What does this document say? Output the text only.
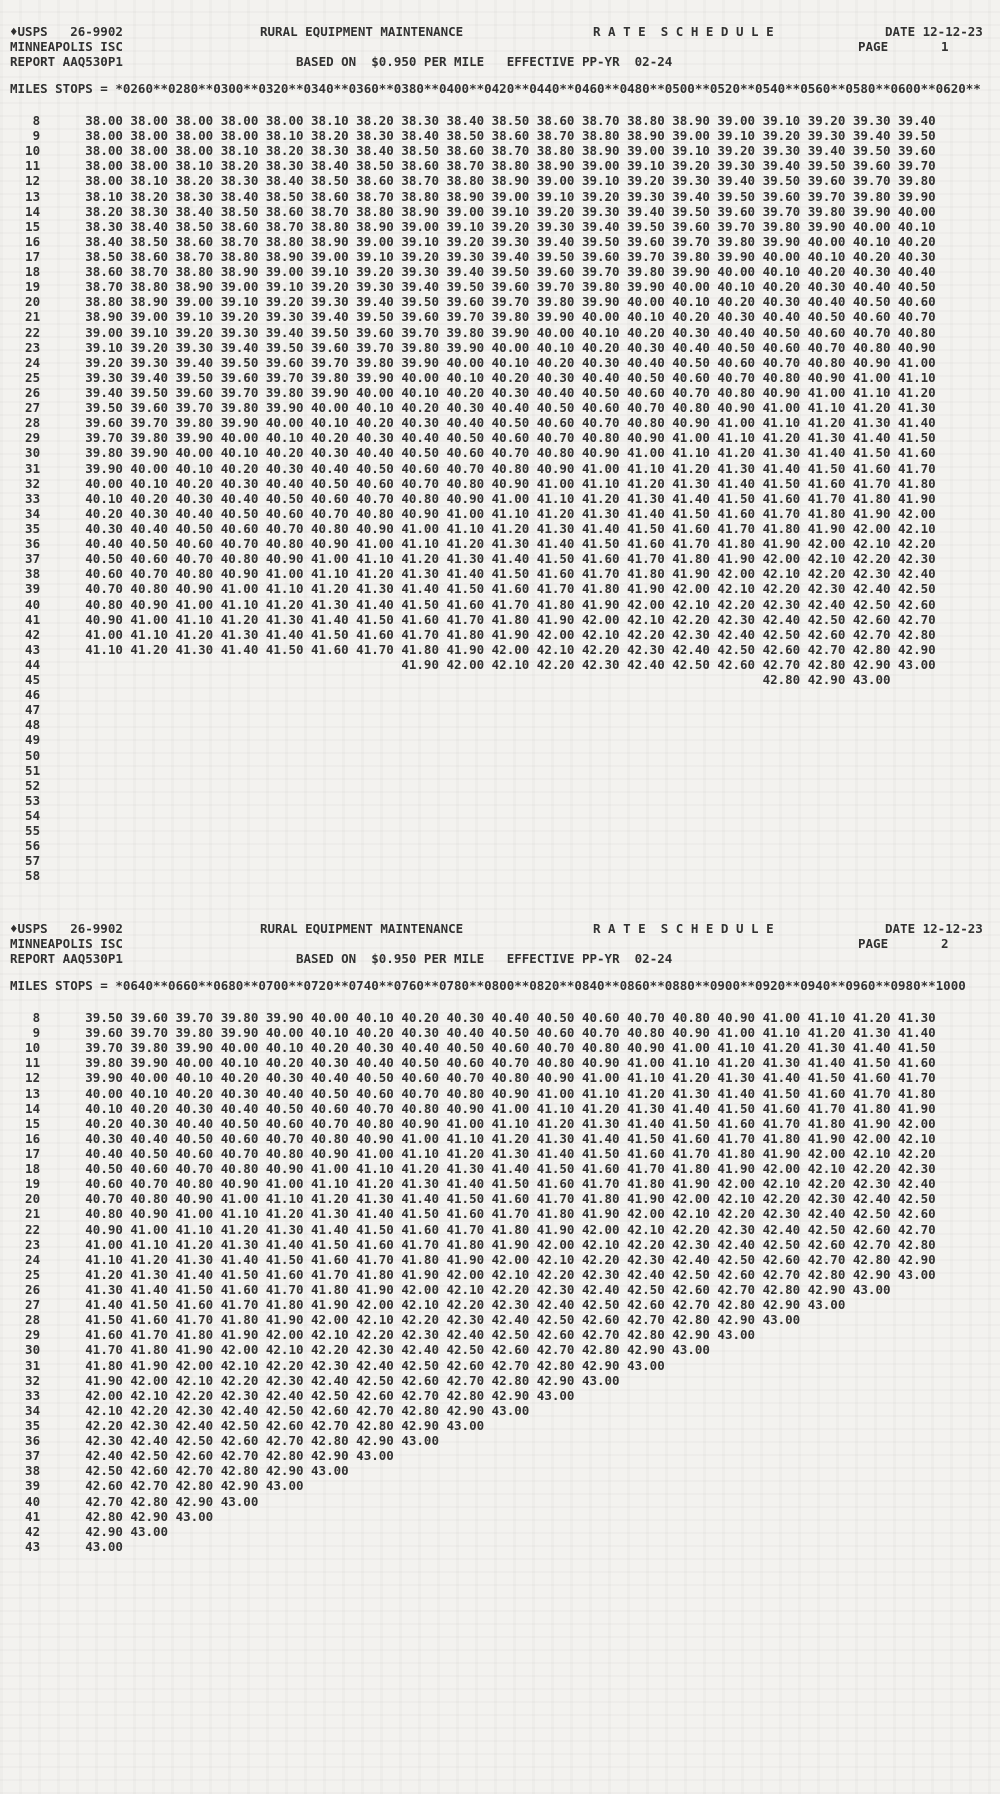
♦USPS   26-9902
MINNEAPOLIS ISC
REPORT AAQ530P1
RURAL EQUIPMENT MAINTENANCE
BASED ON  $0.950 PER MILE   EFFECTIVE PP-YR  02-24
R A T E  S C H E D U L E	DATE 12-12-23
PAGE	1
MILES STOPS = *0260**0280**0300**0320**0340**0360**0380**0400**0420**0440**0460**0480**0500**0520**0540**0560**0580**0600**0620**
8      38.00 38.00 38.00 38.00 38.00 38.10 38.20 38.30 38.40 38.50 38.60 38.70 38.80 38.90 39.00 39.10 39.20 39.30 39.40
9      38.00 38.00 38.00 38.00 38.10 38.20 38.30 38.40 38.50 38.60 38.70 38.80 38.90 39.00 39.10 39.20 39.30 39.40 39.50
10      38.00 38.00 38.00 38.10 38.20 38.30 38.40 38.50 38.60 38.70 38.80 38.90 39.00 39.10 39.20 39.30 39.40 39.50 39.60
11      38.00 38.00 38.10 38.20 38.30 38.40 38.50 38.60 38.70 38.80 38.90 39.00 39.10 39.20 39.30 39.40 39.50 39.60 39.70
12      38.00 38.10 38.20 38.30 38.40 38.50 38.60 38.70 38.80 38.90 39.00 39.10 39.20 39.30 39.40 39.50 39.60 39.70 39.80
13      38.10 38.20 38.30 38.40 38.50 38.60 38.70 38.80 38.90 39.00 39.10 39.20 39.30 39.40 39.50 39.60 39.70 39.80 39.90
14      38.20 38.30 38.40 38.50 38.60 38.70 38.80 38.90 39.00 39.10 39.20 39.30 39.40 39.50 39.60 39.70 39.80 39.90 40.00
15      38.30 38.40 38.50 38.60 38.70 38.80 38.90 39.00 39.10 39.20 39.30 39.40 39.50 39.60 39.70 39.80 39.90 40.00 40.10
16      38.40 38.50 38.60 38.70 38.80 38.90 39.00 39.10 39.20 39.30 39.40 39.50 39.60 39.70 39.80 39.90 40.00 40.10 40.20
17      38.50 38.60 38.70 38.80 38.90 39.00 39.10 39.20 39.30 39.40 39.50 39.60 39.70 39.80 39.90 40.00 40.10 40.20 40.30
18      38.60 38.70 38.80 38.90 39.00 39.10 39.20 39.30 39.40 39.50 39.60 39.70 39.80 39.90 40.00 40.10 40.20 40.30 40.40
19      38.70 38.80 38.90 39.00 39.10 39.20 39.30 39.40 39.50 39.60 39.70 39.80 39.90 40.00 40.10 40.20 40.30 40.40 40.50
20      38.80 38.90 39.00 39.10 39.20 39.30 39.40 39.50 39.60 39.70 39.80 39.90 40.00 40.10 40.20 40.30 40.40 40.50 40.60
21      38.90 39.00 39.10 39.20 39.30 39.40 39.50 39.60 39.70 39.80 39.90 40.00 40.10 40.20 40.30 40.40 40.50 40.60 40.70
22      39.00 39.10 39.20 39.30 39.40 39.50 39.60 39.70 39.80 39.90 40.00 40.10 40.20 40.30 40.40 40.50 40.60 40.70 40.80
23      39.10 39.20 39.30 39.40 39.50 39.60 39.70 39.80 39.90 40.00 40.10 40.20 40.30 40.40 40.50 40.60 40.70 40.80 40.90
24      39.20 39.30 39.40 39.50 39.60 39.70 39.80 39.90 40.00 40.10 40.20 40.30 40.40 40.50 40.60 40.70 40.80 40.90 41.00
25      39.30 39.40 39.50 39.60 39.70 39.80 39.90 40.00 40.10 40.20 40.30 40.40 40.50 40.60 40.70 40.80 40.90 41.00 41.10
26      39.40 39.50 39.60 39.70 39.80 39.90 40.00 40.10 40.20 40.30 40.40 40.50 40.60 40.70 40.80 40.90 41.00 41.10 41.20
27      39.50 39.60 39.70 39.80 39.90 40.00 40.10 40.20 40.30 40.40 40.50 40.60 40.70 40.80 40.90 41.00 41.10 41.20 41.30
28      39.60 39.70 39.80 39.90 40.00 40.10 40.20 40.30 40.40 40.50 40.60 40.70 40.80 40.90 41.00 41.10 41.20 41.30 41.40
29      39.70 39.80 39.90 40.00 40.10 40.20 40.30 40.40 40.50 40.60 40.70 40.80 40.90 41.00 41.10 41.20 41.30 41.40 41.50
30      39.80 39.90 40.00 40.10 40.20 40.30 40.40 40.50 40.60 40.70 40.80 40.90 41.00 41.10 41.20 41.30 41.40 41.50 41.60
31      39.90 40.00 40.10 40.20 40.30 40.40 40.50 40.60 40.70 40.80 40.90 41.00 41.10 41.20 41.30 41.40 41.50 41.60 41.70
32      40.00 40.10 40.20 40.30 40.40 40.50 40.60 40.70 40.80 40.90 41.00 41.10 41.20 41.30 41.40 41.50 41.60 41.70 41.80
33      40.10 40.20 40.30 40.40 40.50 40.60 40.70 40.80 40.90 41.00 41.10 41.20 41.30 41.40 41.50 41.60 41.70 41.80 41.90
34      40.20 40.30 40.40 40.50 40.60 40.70 40.80 40.90 41.00 41.10 41.20 41.30 41.40 41.50 41.60 41.70 41.80 41.90 42.00
35      40.30 40.40 40.50 40.60 40.70 40.80 40.90 41.00 41.10 41.20 41.30 41.40 41.50 41.60 41.70 41.80 41.90 42.00 42.10
36      40.40 40.50 40.60 40.70 40.80 40.90 41.00 41.10 41.20 41.30 41.40 41.50 41.60 41.70 41.80 41.90 42.00 42.10 42.20
37      40.50 40.60 40.70 40.80 40.90 41.00 41.10 41.20 41.30 41.40 41.50 41.60 41.70 41.80 41.90 42.00 42.10 42.20 42.30
38      40.60 40.70 40.80 40.90 41.00 41.10 41.20 41.30 41.40 41.50 41.60 41.70 41.80 41.90 42.00 42.10 42.20 42.30 42.40
39      40.70 40.80 40.90 41.00 41.10 41.20 41.30 41.40 41.50 41.60 41.70 41.80 41.90 42.00 42.10 42.20 42.30 42.40 42.50
40      40.80 40.90 41.00 41.10 41.20 41.30 41.40 41.50 41.60 41.70 41.80 41.90 42.00 42.10 42.20 42.30 42.40 42.50 42.60
41      40.90 41.00 41.10 41.20 41.30 41.40 41.50 41.60 41.70 41.80 41.90 42.00 42.10 42.20 42.30 42.40 42.50 42.60 42.70
42      41.00 41.10 41.20 41.30 41.40 41.50 41.60 41.70 41.80 41.90 42.00 42.10 42.20 42.30 42.40 42.50 42.60 42.70 42.80
43      41.10 41.20 41.30 41.40 41.50 41.60 41.70 41.80 41.90 42.00 42.10 42.20 42.30 42.40 42.50 42.60 42.70 42.80 42.90
44                                                41.90 42.00 42.10 42.20 42.30 42.40 42.50 42.60 42.70 42.80 42.90 43.00
45                                                                                                42.80 42.90 43.00
46
47
48
49
50
51
52
53
54
55
56
57
58
♦USPS   26-9902
MINNEAPOLIS ISC
REPORT AAQ530P1
RURAL EQUIPMENT MAINTENANCE
BASED ON  $0.950 PER MILE   EFFECTIVE PP-YR  02-24
R A T E  S C H E D U L E	DATE 12-12-23
PAGE	2
MILES STOPS = *0640**0660**0680**0700**0720**0740**0760**0780**0800**0820**0840**0860**0880**0900**0920**0940**0960**0980**1000
8      39.50 39.60 39.70 39.80 39.90 40.00 40.10 40.20 40.30 40.40 40.50 40.60 40.70 40.80 40.90 41.00 41.10 41.20 41.30
9      39.60 39.70 39.80 39.90 40.00 40.10 40.20 40.30 40.40 40.50 40.60 40.70 40.80 40.90 41.00 41.10 41.20 41.30 41.40
10      39.70 39.80 39.90 40.00 40.10 40.20 40.30 40.40 40.50 40.60 40.70 40.80 40.90 41.00 41.10 41.20 41.30 41.40 41.50
11      39.80 39.90 40.00 40.10 40.20 40.30 40.40 40.50 40.60 40.70 40.80 40.90 41.00 41.10 41.20 41.30 41.40 41.50 41.60
12      39.90 40.00 40.10 40.20 40.30 40.40 40.50 40.60 40.70 40.80 40.90 41.00 41.10 41.20 41.30 41.40 41.50 41.60 41.70
13      40.00 40.10 40.20 40.30 40.40 40.50 40.60 40.70 40.80 40.90 41.00 41.10 41.20 41.30 41.40 41.50 41.60 41.70 41.80
14      40.10 40.20 40.30 40.40 40.50 40.60 40.70 40.80 40.90 41.00 41.10 41.20 41.30 41.40 41.50 41.60 41.70 41.80 41.90
15      40.20 40.30 40.40 40.50 40.60 40.70 40.80 40.90 41.00 41.10 41.20 41.30 41.40 41.50 41.60 41.70 41.80 41.90 42.00
16      40.30 40.40 40.50 40.60 40.70 40.80 40.90 41.00 41.10 41.20 41.30 41.40 41.50 41.60 41.70 41.80 41.90 42.00 42.10
17      40.40 40.50 40.60 40.70 40.80 40.90 41.00 41.10 41.20 41.30 41.40 41.50 41.60 41.70 41.80 41.90 42.00 42.10 42.20
18      40.50 40.60 40.70 40.80 40.90 41.00 41.10 41.20 41.30 41.40 41.50 41.60 41.70 41.80 41.90 42.00 42.10 42.20 42.30
19      40.60 40.70 40.80 40.90 41.00 41.10 41.20 41.30 41.40 41.50 41.60 41.70 41.80 41.90 42.00 42.10 42.20 42.30 42.40
20      40.70 40.80 40.90 41.00 41.10 41.20 41.30 41.40 41.50 41.60 41.70 41.80 41.90 42.00 42.10 42.20 42.30 42.40 42.50
21      40.80 40.90 41.00 41.10 41.20 41.30 41.40 41.50 41.60 41.70 41.80 41.90 42.00 42.10 42.20 42.30 42.40 42.50 42.60
22      40.90 41.00 41.10 41.20 41.30 41.40 41.50 41.60 41.70 41.80 41.90 42.00 42.10 42.20 42.30 42.40 42.50 42.60 42.70
23      41.00 41.10 41.20 41.30 41.40 41.50 41.60 41.70 41.80 41.90 42.00 42.10 42.20 42.30 42.40 42.50 42.60 42.70 42.80
24      41.10 41.20 41.30 41.40 41.50 41.60 41.70 41.80 41.90 42.00 42.10 42.20 42.30 42.40 42.50 42.60 42.70 42.80 42.90
25      41.20 41.30 41.40 41.50 41.60 41.70 41.80 41.90 42.00 42.10 42.20 42.30 42.40 42.50 42.60 42.70 42.80 42.90 43.00
26      41.30 41.40 41.50 41.60 41.70 41.80 41.90 42.00 42.10 42.20 42.30 42.40 42.50 42.60 42.70 42.80 42.90 43.00
27      41.40 41.50 41.60 41.70 41.80 41.90 42.00 42.10 42.20 42.30 42.40 42.50 42.60 42.70 42.80 42.90 43.00
28      41.50 41.60 41.70 41.80 41.90 42.00 42.10 42.20 42.30 42.40 42.50 42.60 42.70 42.80 42.90 43.00
29      41.60 41.70 41.80 41.90 42.00 42.10 42.20 42.30 42.40 42.50 42.60 42.70 42.80 42.90 43.00
30      41.70 41.80 41.90 42.00 42.10 42.20 42.30 42.40 42.50 42.60 42.70 42.80 42.90 43.00
31      41.80 41.90 42.00 42.10 42.20 42.30 42.40 42.50 42.60 42.70 42.80 42.90 43.00
32      41.90 42.00 42.10 42.20 42.30 42.40 42.50 42.60 42.70 42.80 42.90 43.00
33      42.00 42.10 42.20 42.30 42.40 42.50 42.60 42.70 42.80 42.90 43.00
34      42.10 42.20 42.30 42.40 42.50 42.60 42.70 42.80 42.90 43.00
35      42.20 42.30 42.40 42.50 42.60 42.70 42.80 42.90 43.00
36      42.30 42.40 42.50 42.60 42.70 42.80 42.90 43.00
37      42.40 42.50 42.60 42.70 42.80 42.90 43.00
38      42.50 42.60 42.70 42.80 42.90 43.00
39      42.60 42.70 42.80 42.90 43.00
40      42.70 42.80 42.90 43.00
41      42.80 42.90 43.00
42      42.90 43.00
43      43.00
